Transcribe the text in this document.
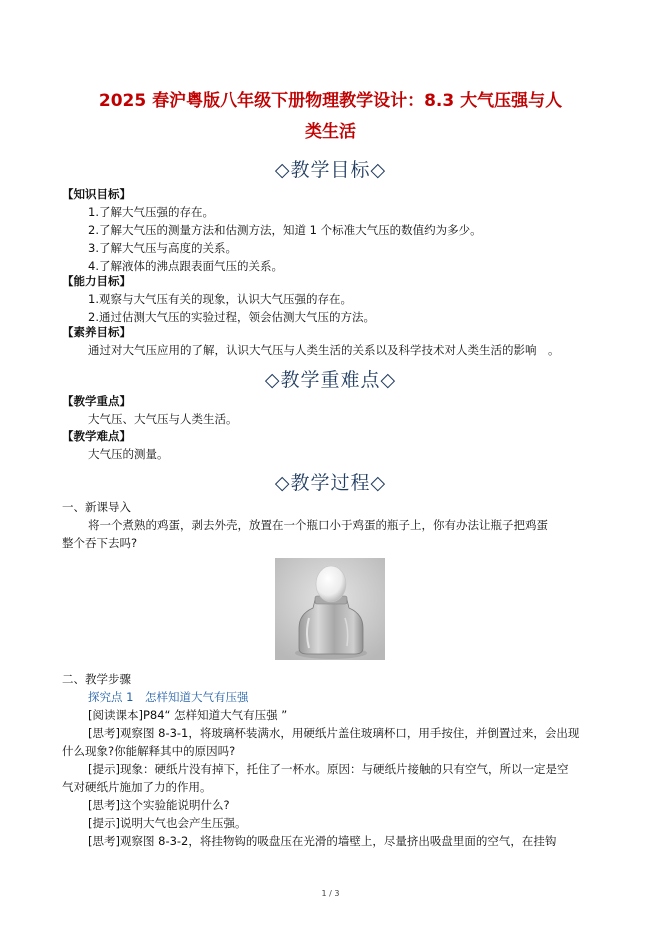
2025 春沪粤版八年级下册物理教学设计：8.3 大气压强与人
类生活
◇教学目标◇
【知识目标】
1.了解大气压强的存在。
2.了解大气压的测量方法和估测方法，知道 1 个标准大气压的数值约为多少。
3.了解大气压与高度的关系。
4.了解液体的沸点跟表面气压的关系。
【能力目标】
1.观察与大气压有关的现象，认识大气压强的存在。
2.通过估测大气压的实验过程，领会估测大气压的方法。
【素养目标】
通过对大气压应用的了解，认识大气压与人类生活的关系以及科学技术对人类生活的影响　。
◇教学重难点◇
【教学重点】
大气压、大气压与人类生活。
【教学难点】
大气压的测量。
◇教学过程◇
一、新课导入
将一个煮熟的鸡蛋，剥去外壳，放置在一个瓶口小于鸡蛋的瓶子上，你有办法让瓶子把鸡蛋
整个吞下去吗?
二、教学步骤
探究点 1　怎样知道大气有压强
[阅读课本]P84“ 怎样知道大气有压强 ”
[思考]观察图 8-3-1，将玻璃杯装满水，用硬纸片盖住玻璃杯口，用手按住，并倒置过来，会出现
什么现象?你能解释其中的原因吗?
[提示]现象：硬纸片没有掉下，托住了一杯水。原因：与硬纸片接触的只有空气，所以一定是空
气对硬纸片施加了力的作用。
[思考]这个实验能说明什么?
[提示]说明大气也会产生压强。
[思考]观察图 8-3-2，将挂物钩的吸盘压在光滑的墙壁上，尽量挤出吸盘里面的空气，在挂钩
1 / 3
